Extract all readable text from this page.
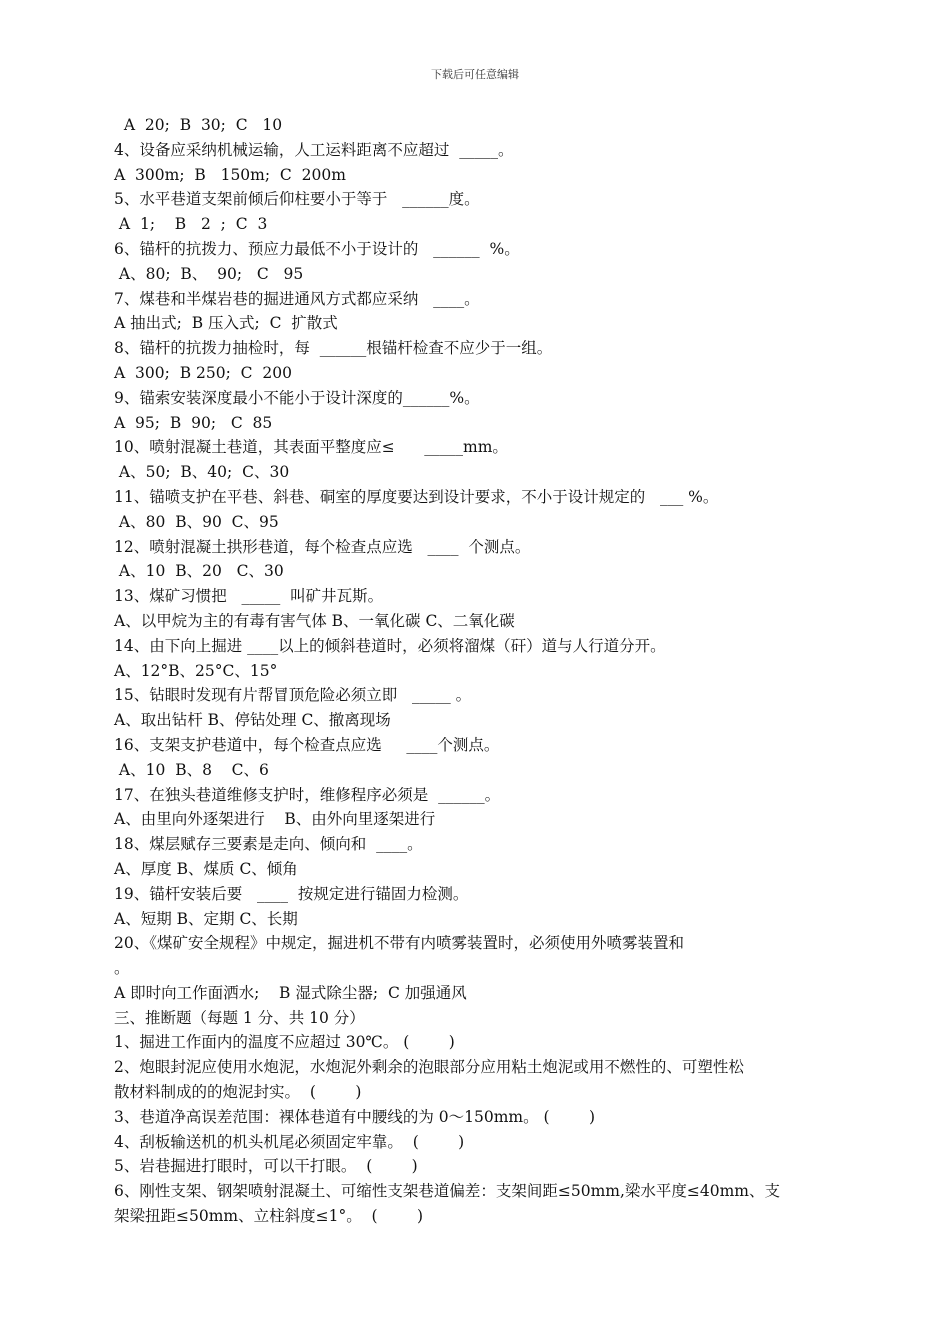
下载后可任意编辑
A  20;  B  30;  C   10
4、设备应采纳机械运输，人工运料距离不应超过  _____。
A  300m;  B   150m;  C  200m
5、水平巷道支架前倾后仰柱要小于等于   ______度。
A  1;    B   2  ;  C  3
6、锚杆的抗拨力、预应力最低不小于设计的   ______  %。
A、80;  B、  90;   C   95
7、煤巷和半煤岩巷的掘进通风方式都应采纳   ____。
A 抽出式;  B 压入式;  C  扩散式
8、锚杆的抗拨力抽检时，每  ______根锚杆检查不应少于一组。
A  300;  B 250;  C  200
9、锚索安装深度最小不能小于设计深度的______%。
A  95;  B  90;   C  85
10、喷射混凝土巷道，其表面平整度应≤      _____mm。
A、50;  B、40;  C、30
11、锚喷支护在平巷、斜巷、硐室的厚度要达到设计要求，不小于设计规定的   ___ %。
A、80  B、90  C、95
12、喷射混凝土拱形巷道，每个检查点应选   ____  个测点。
A、10  B、20   C、30
13、煤矿习惯把   _____  叫矿井瓦斯。
A、以甲烷为主的有毒有害气体 B、一氧化碳 C、二氧化碳
14、由下向上掘进 ____以上的倾斜巷道时，必须将溜煤（矸）道与人行道分开。
A、12°B、25°C、15°
15、钻眼时发现有片帮冒顶危险必须立即   _____ 。
A、取出钻杆 B、停钻处理 C、撤离现场
16、支架支护巷道中，每个检查点应选     ____个测点。
A、10  B、8    C、6
17、在独头巷道维修支护时，维修程序必须是  ______。
A、由里向外逐架进行    B、由外向里逐架进行
18、煤层赋存三要素是走向、倾向和  ____。
A、厚度 B、煤质 C、倾角
19、锚杆安装后要   ____  按规定进行锚固力检测。
A、短期 B、定期 C、长期
20、《煤矿安全规程》中规定，掘进机不带有内喷雾装置时，必须使用外喷雾装置和
。
A 即时向工作面洒水;    B 湿式除尘器;  C 加强通风
三、推断题（每题 1 分、共 10 分）
1、掘进工作面内的温度不应超过 30℃。 (        )
2、炮眼封泥应使用水炮泥，水炮泥外剩余的泡眼部分应用粘土炮泥或用不燃性的、可塑性松
散材料制成的的炮泥封实。  (        )
3、巷道净高误差范围：裸体巷道有中腰线的为 0～150mm。 (        )
4、刮板输送机的机头机尾必须固定牢靠。  (        )
5、岩巷掘进打眼时，可以干打眼。  (        )
6、刚性支架、钢架喷射混凝土、可缩性支架巷道偏差：支架间距≤50mm,梁水平度≤40mm、支
架梁扭距≤50mm、立柱斜度≤1°。  (        )
